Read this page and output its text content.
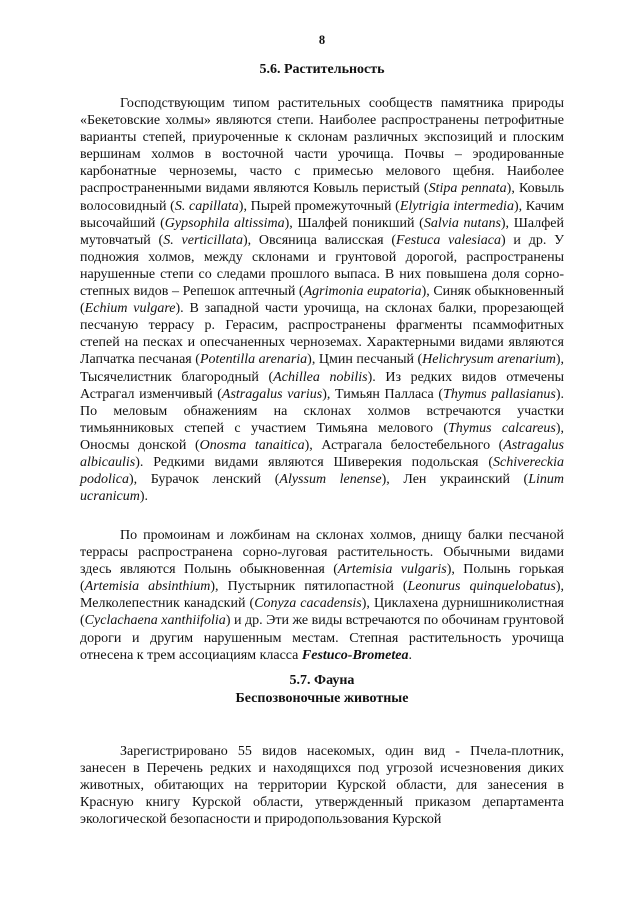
8
5.6. Растительность
Господствующим типом растительных сообществ памятника природы «Бекетовские холмы» являются степи. Наиболее распространены петрофитные варианты степей, приуроченные к склонам различных экспозиций и плоским вершинам холмов в восточной части урочища. Почвы – эродированные карбонатные черноземы, часто с примесью мелового щебня. Наиболее распространенными видами являются Ковыль перистый (Stipa pennata), Ковыль волосовидный (S. capillata), Пырей промежуточный (Elytrigia intermedia), Качим высочайший (Gypsophila altissima), Шалфей поникший (Salvia nutans), Шалфей мутовчатый (S. verticillata), Овсяница валисская (Festuca valesiaca) и др. У подножия холмов, между склонами и грунтовой дорогой, распространены нарушенные степи со следами прошлого выпаса. В них повышена доля сорно-степных видов – Репешок аптечный (Agrimonia eupatoria), Синяк обыкновенный (Echium vulgare). В западной части урочища, на склонах балки, прорезающей песчаную террасу р. Герасим, распространены фрагменты псаммофитных степей на песках и опесчаненных черноземах. Характерными видами являются Лапчатка песчаная (Potentilla arenaria), Цмин песчаный (Helichrysum arenarium), Тысячелистник благородный (Achillea nobilis). Из редких видов отмечены Астрагал изменчивый (Astragalus varius), Тимьян Палласа (Thymus pallasianus). По меловым обнажениям на склонах холмов встречаются участки тимьянниковых степей с участием Тимьяна мелового (Thymus calcareus), Оносмы донской (Onosma tanaitica), Астрагала белостебельного (Astragalus albicaulis). Редкими видами являются Шиверекия подольская (Schivereckia podolica), Бурачок ленский (Alyssum lenense), Лен украинский (Linum ucranicum).
По промоинам и ложбинам на склонах холмов, днищу балки песчаной террасы распространена сорно-луговая растительность. Обычными видами здесь являются Полынь обыкновенная (Artemisia vulgaris), Полынь горькая (Artemisia absinthium), Пустырник пятилопастной (Leonurus quinquelobatus), Мелколепестник канадский (Conyza cacadensis), Циклахена дурнишниколистная (Cyclachaena xanthiifolia) и др. Эти же виды встречаются по обочинам грунтовой дороги и другим нарушенным местам. Степная растительность урочища отнесена к трем ассоциациям класса Festuco-Brometea.
5.7. Фауна
Беспозвоночные животные
Зарегистрировано 55 видов насекомых, один вид - Пчела-плотник, занесен в Перечень редких и находящихся под угрозой исчезновения диких животных, обитающих на территории Курской области, для занесения в Красную книгу Курской области, утвержденный приказом департамента экологической безопасности и природопользования Курской
